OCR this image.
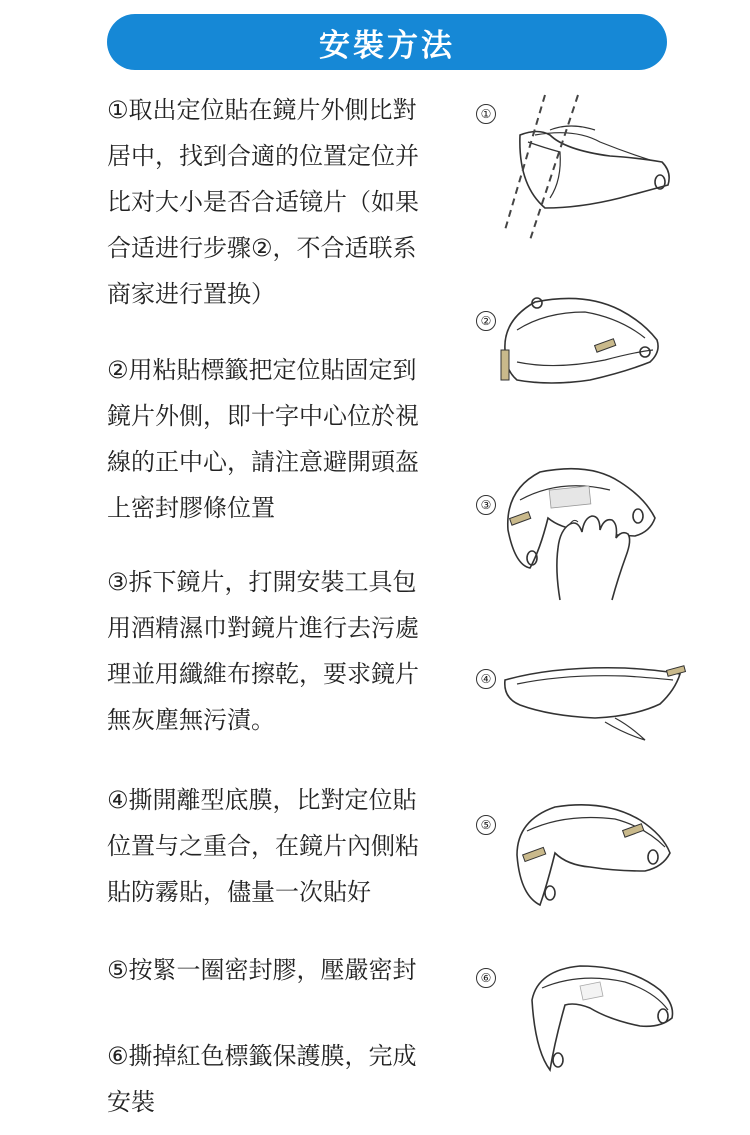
安裝方法

①取出定位貼在鏡片外側比對
居中，找到合適的位置定位并
比对大小是否合适镜片（如果
合适进行步骤②，不合适联系
商家进行置换）

②用粘貼標籤把定位貼固定到
鏡片外側，即十字中心位於視
線的正中心，請注意避開頭盔
上密封膠條位置

③拆下鏡片，打開安裝工具包
用酒精濕巾對鏡片進行去污處
理並用纖維布擦乾，要求鏡片
無灰塵無污漬。

④撕開離型底膜，比對定位貼
位置与之重合，在鏡片內側粘
貼防霧貼，儘量一次貼好

⑤按緊一圈密封膠，壓嚴密封

⑥撕掉紅色標籤保護膜，完成
安裝

①
②
③
④
⑤
⑥
